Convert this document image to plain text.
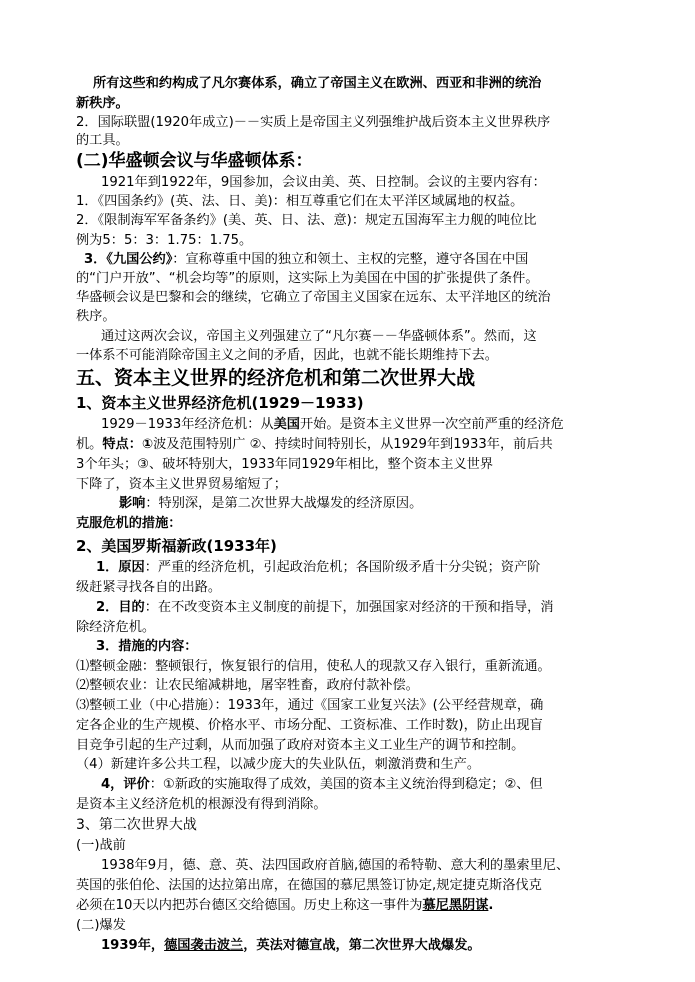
所有这些和约构成了凡尔赛体系，确立了帝国主义在欧洲、西亚和非洲的统治
新秩序。
2．国际联盟(1920年成立)－－实质上是帝国主义列强维护战后资本主义世界秩序
的工具。
(二)华盛顿会议与华盛顿体系：
1921年到1922年，9国参加，会议由美、英、日控制。会议的主要内容有：
1．《四国条约》(英、法、日、美)：相互尊重它们在太平洋区域属地的权益。
2．《限制海军军备条约》(美、英、日、法、意)：规定五国海军主力舰的吨位比
例为5：5：3：1.75：1.75。
3．《九国公约》：宣称尊重中国的独立和领土、主权的完整，遵守各国在中国
的“门户开放”、“机会均等”的原则，这实际上为美国在中国的扩张提供了条件。
华盛顿会议是巴黎和会的继续，它确立了帝国主义国家在远东、太平洋地区的统治
秩序。
通过这两次会议，帝国主义列强建立了“凡尔赛－－华盛顿体系”。然而，这
一体系不可能消除帝国主义之间的矛盾，因此，也就不能长期维持下去。
五、资本主义世界的经济危机和第二次世界大战
1、资本主义世界经济危机(1929－1933)
1929－1933年经济危机：从美国开始。是资本主义世界一次空前严重的经济危
机。特点：①波及范围特别广 ②、持续时间特别长，从1929年到1933年，前后共
3个年头；③、破坏特别大，1933年同1929年相比，整个资本主义世界
下降了，资本主义世界贸易缩短了；
影响：特别深，是第二次世界大战爆发的经济原因。
克服危机的措施：
2、美国罗斯福新政(1933年)
1．原因：严重的经济危机，引起政治危机；各国阶级矛盾十分尖锐；资产阶
级赶紧寻找各自的出路。
2．目的：在不改变资本主义制度的前提下，加强国家对经济的干预和指导，消
除经济危机。
3．措施的内容：
⑴整顿金融：整顿银行，恢复银行的信用，使私人的现款又存入银行，重新流通。
⑵整顿农业：让农民缩减耕地，屠宰牲畜，政府付款补偿。
⑶整顿工业（中心措施）：1933年，通过《国家工业复兴法》(公平经营规章，确
定各企业的生产规模、价格水平、市场分配、工资标准、工作时数)，防止出现盲
目竞争引起的生产过剩，从而加强了政府对资本主义工业生产的调节和控制。
（4）新建许多公共工程，以减少庞大的失业队伍，刺激消费和生产。
4，评价：①新政的实施取得了成效，美国的资本主义统治得到稳定；②、但
是资本主义经济危机的根源没有得到消除。
3、第二次世界大战
(一)战前
1938年9月，德、意、英、法四国政府首脑,德国的希特勒、意大利的墨索里尼、
英国的张伯伦、法国的达拉第出席，在德国的慕尼黑签订协定,规定捷克斯洛伐克
必须在10天以内把苏台德区交给德国。历史上称这一事件为慕尼黑阴谋.
(二)爆发
1939年，德国袭击波兰，英法对德宣战，第二次世界大战爆发。
